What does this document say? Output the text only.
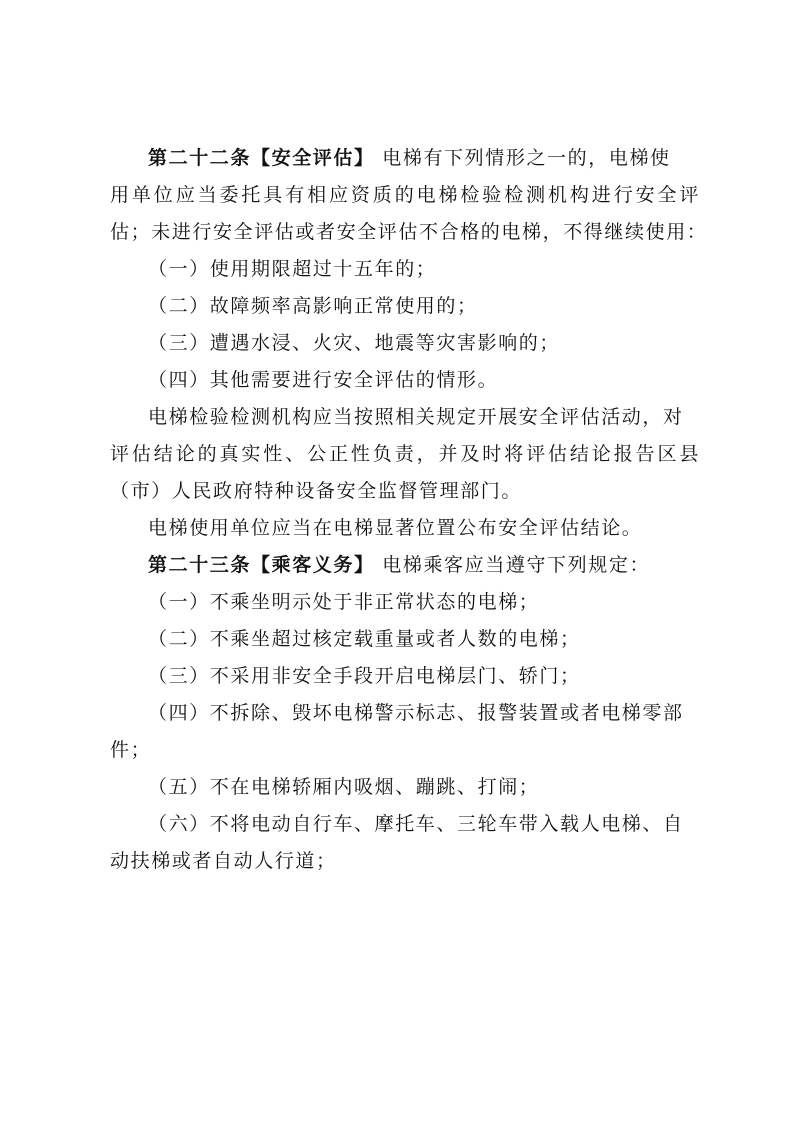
第二十二条【安全评估】 电梯有下列情形之一的，电梯使
用单位应当委托具有相应资质的电梯检验检测机构进行安全评
估；未进行安全评估或者安全评估不合格的电梯，不得继续使用：
（一）使用期限超过十五年的；
（二）故障频率高影响正常使用的；
（三）遭遇水浸、火灾、地震等灾害影响的；
（四）其他需要进行安全评估的情形。
电梯检验检测机构应当按照相关规定开展安全评估活动，对
评估结论的真实性、公正性负责，并及时将评估结论报告区县
（市）人民政府特种设备安全监督管理部门。
电梯使用单位应当在电梯显著位置公布安全评估结论。
第二十三条【乘客义务】 电梯乘客应当遵守下列规定：
（一）不乘坐明示处于非正常状态的电梯；
（二）不乘坐超过核定载重量或者人数的电梯；
（三）不采用非安全手段开启电梯层门、轿门；
（四）不拆除、毁坏电梯警示标志、报警装置或者电梯零部
件；
（五）不在电梯轿厢内吸烟、蹦跳、打闹；
（六）不将电动自行车、摩托车、三轮车带入载人电梯、自
动扶梯或者自动人行道；
